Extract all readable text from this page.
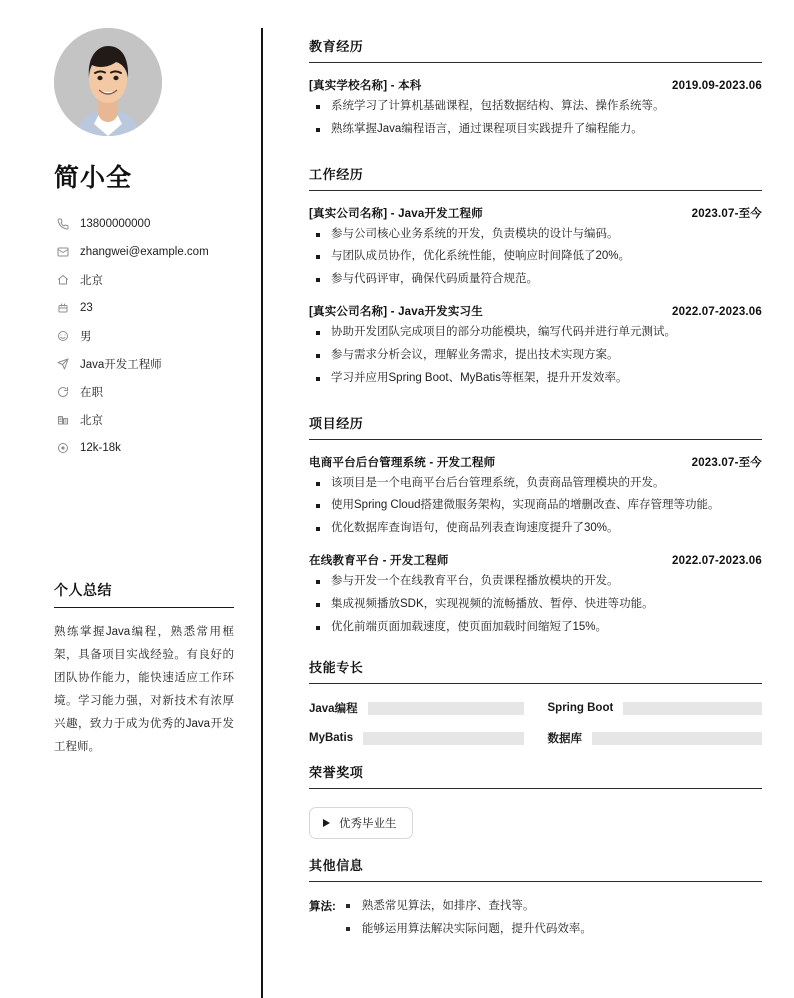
简小全
13800000000
zhangwei@example.com
北京
23
男
Java开发工程师
在职
北京
12k-18k
个人总结

熟练掌握Java编程，熟悉常用框架，具备项目实战经验。有良好的团队协作能力，能快速适应工作环境。学习能力强，对新技术有浓厚兴趣，致力于成为优秀的Java开发工程师。

教育经历
[真实学校名称] - 本科	2019.09-2023.06
系统学习了计算机基础课程，包括数据结构、算法、操作系统等。
熟练掌握Java编程语言，通过课程项目实践提升了编程能力。
工作经历
[真实公司名称] - Java开发工程师	2023.07-至今
参与公司核心业务系统的开发，负责模块的设计与编码。
与团队成员协作，优化系统性能，使响应时间降低了20%。
参与代码评审，确保代码质量符合规范。
[真实公司名称] - Java开发实习生	2022.07-2023.06
协助开发团队完成项目的部分功能模块，编写代码并进行单元测试。
参与需求分析会议，理解业务需求，提出技术实现方案。
学习并应用Spring Boot、MyBatis等框架，提升开发效率。
项目经历
电商平台后台管理系统 - 开发工程师	2023.07-至今
该项目是一个电商平台后台管理系统，负责商品管理模块的开发。
使用Spring Cloud搭建微服务架构，实现商品的增删改查、库存管理等功能。
优化数据库查询语句，使商品列表查询速度提升了30%。
在线教育平台 - 开发工程师	2022.07-2023.06
参与开发一个在线教育平台，负责课程播放模块的开发。
集成视频播放SDK，实现视频的流畅播放、暂停、快进等功能。
优化前端页面加载速度，使页面加载时间缩短了15%。
技能专长
Java编程	Spring Boot
MyBatis	数据库
荣誉奖项
优秀毕业生
其他信息
算法:	熟悉常见算法，如排序、查找等。
能够运用算法解决实际问题，提升代码效率。
